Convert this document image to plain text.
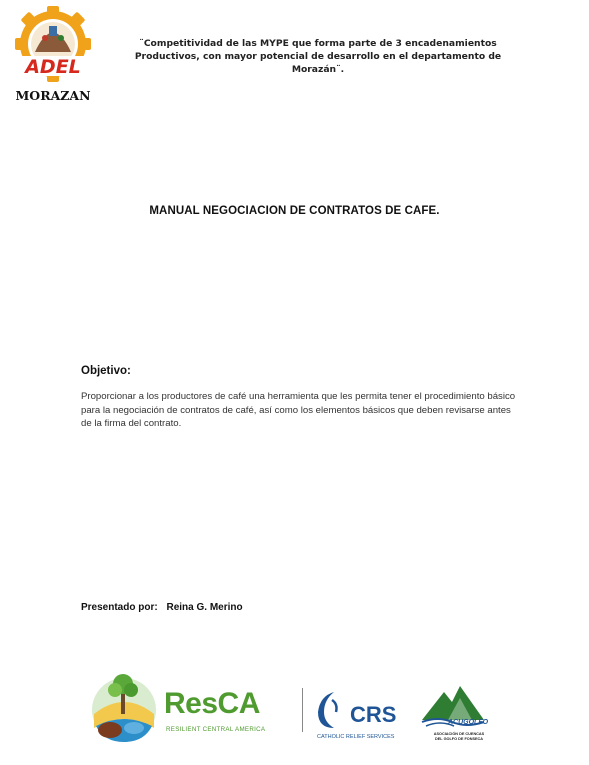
ADEL
MORAZAN
¨Competitividad de las MYPE que forma parte de 3 encadenamientos
Productivos, con mayor potencial de desarrollo en el departamento de Morazán¨.
MANUAL NEGOCIACION DE CONTRATOS DE CAFE.
Objetivo:
Proporcionar a los productores de café una herramienta que les permita tener el procedimiento básico
para la negociación de contratos de café, así como los elementos básicos que deben revisarse antes
de la firma del contrato.
Presentado por: Reina G. Merino
ResCA
RESILIENT CENTRAL AMERICA
CRS
CATHOLIC RELIEF SERVICES
ACUGOLFO
ASOCIACIÓN DE CUENCAS
DEL GOLFO DE FONSECA
